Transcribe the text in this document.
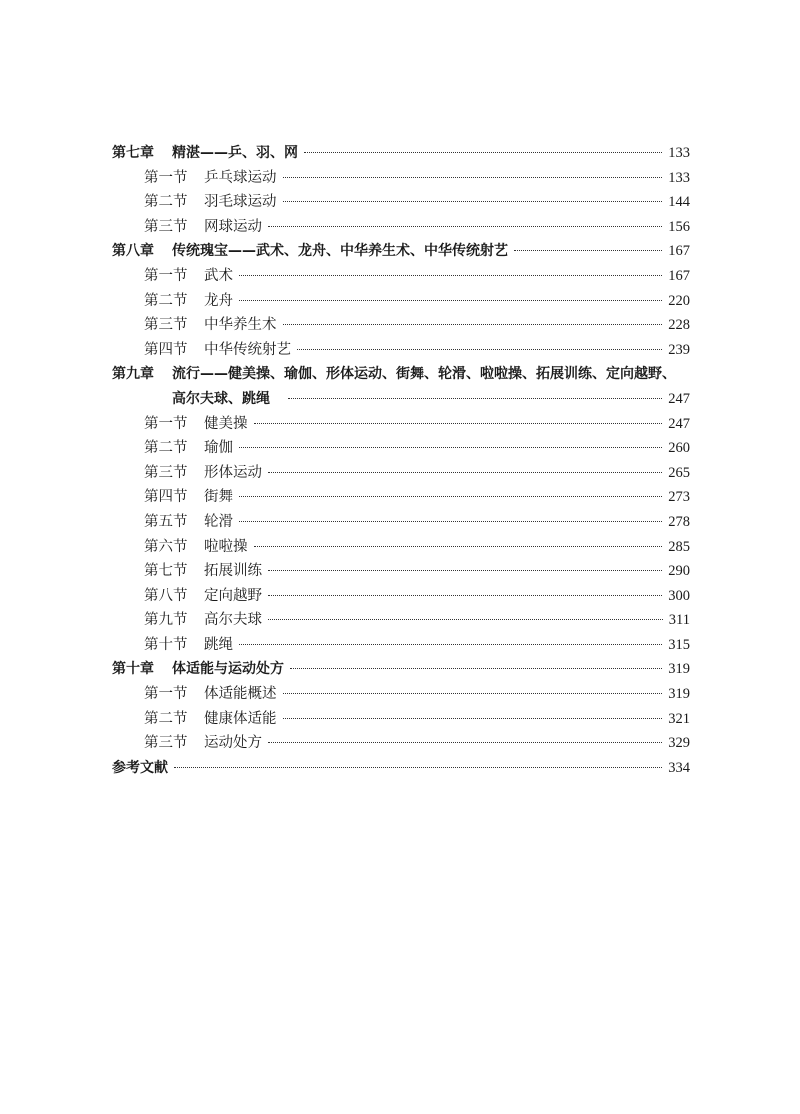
第七章	精湛——乒、羽、网	133
第一节	乒乓球运动	133
第二节	羽毛球运动	144
第三节	网球运动	156
第八章	传统瑰宝——武术、龙舟、中华养生术、中华传统射艺	167
第一节	武术	167
第二节	龙舟	220
第三节	中华养生术	228
第四节	中华传统射艺	239
第九章	流行——健美操、瑜伽、形体运动、街舞、轮滑、啦啦操、拓展训练、定向越野、
高尔夫球、跳绳	247
第一节	健美操	247
第二节	瑜伽	260
第三节	形体运动	265
第四节	街舞	273
第五节	轮滑	278
第六节	啦啦操	285
第七节	拓展训练	290
第八节	定向越野	300
第九节	高尔夫球	311
第十节	跳绳	315
第十章	体适能与运动处方	319
第一节	体适能概述	319
第二节	健康体适能	321
第三节	运动处方	329
参考文献	334
